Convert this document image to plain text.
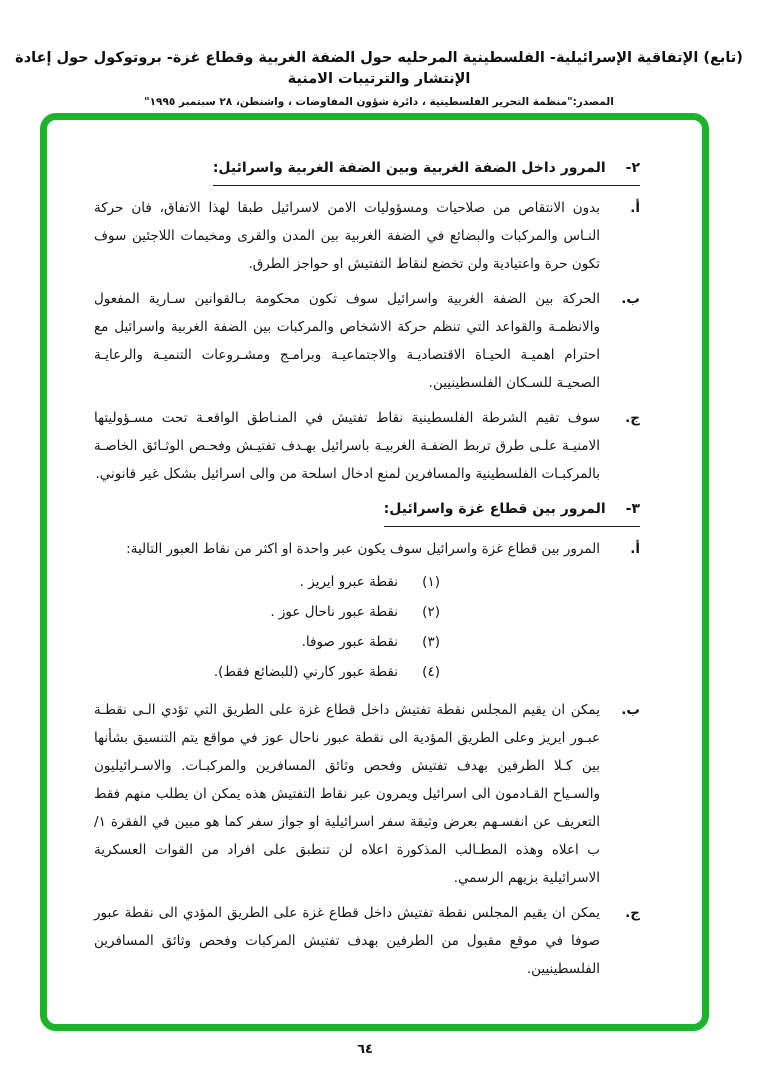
(تابع) الإتفاقية الإسرائيلية- الفلسطينية المرحليه حول الضفة الغربية وقطاع غزة- بروتوكول حول إعادة الإنتشار والترتيبات الامنية
المصدر:"منظمة التحرير الفلسطينية ، دائرة شؤون المفاوضات ، واشنطن، ٢٨ سبتمبر ١٩٩٥"
٢-المرور داخل الضفة الغربية وبين الضفة الغربية واسرائيل:
أ.

بدون الانتقاص من صلاحيات ومسؤوليات الامن لاسرائيل طبقا لهذا الاتفاق، فان حركة النـاس والمركبات والبضائع في الضفة الغربية بين المدن والقرى ومخيمات اللاجئين سوف تكون حرة واعتيادية ولن تخضع لنقاط التفتيش او حواجز الطرق.

ب.

الحركة بين الضفة الغربية واسرائيل سوف تكون محكومة بـالقوانين سـارية المفعول والانظمـة والقواعد التي تنظم حركة الاشخاص والمركبات بين الضفة الغربية واسرائيل مع احترام اهميـة الحيـاة الاقتصاديـة والاجتماعيـة وبرامـج ومشـروعات التنميـة والرعايـة الصحيـة للسـكان الفلسطينيين.

ج.

سوف تقيم الشرطة الفلسطينية نقاط تفتيش في المنـاطق الواقعـة تحت مسـؤوليتها الامنيـة علـى طرق تربط الضفـة الغربيـة باسرائيل بهـدف تفتيـش وفحـص الوثـائق الخاصـة بالمركبـات الفلسطينية والمسافرين لمنع ادخال اسلحة من والى اسرائيل بشكل غير قانوني.

٣-المرور بين قطاع غزة واسرائيل:
أ.

المرور بين قطاع غزة واسرائيل سوف يكون عبر واحدة او اكثر من نقاط العبور التالية:

(١)
نقطة عبرو ايريز .
(٢)
نقطة عبور ناحال عوز .
(٣)
نقطة عبور صوفا.
(٤)
نقطة عبور كارني (للبضائع فقط).
ب.

يمكن ان يقيم المجلس نقطة تفتيش داخل قطاع غزة على الطريق التي تؤدي الـى نقطـة عبـور ايريز وعلى الطريق المؤدية الى نقطة عبور ناحال عوز في مواقع يتم التنسيق بشأنها بين كـلا الطرفين بهدف تفتيش وفحص وثائق المسافرين والمركبـات. والاسـرائيليون والسـياح القـادمون الى اسرائيل ويمرون عبر نقاط التفتيش هذه يمكن ان يطلب منهم فقط التعريف عن انفسـهم بعرض وثيقة سفر اسرائيلية او جواز سفر كما هو مبين في الفقرة ١/ب اعلاه وهذه المطـالب المذكورة اعلاه لن تنطبق على افراد من القوات العسكرية الاسرائيلية بزيهم الرسمي.

ج.

يمكن ان يقيم المجلس نقطة تفتيش داخل قطاع غزة على الطريق المؤدي الى نقطة عبور صوفا في موقع مقبول من الطرفين بهدف تفتيش المركبات وفحص وثائق المسافرين الفلسطينيين.

٦٤
